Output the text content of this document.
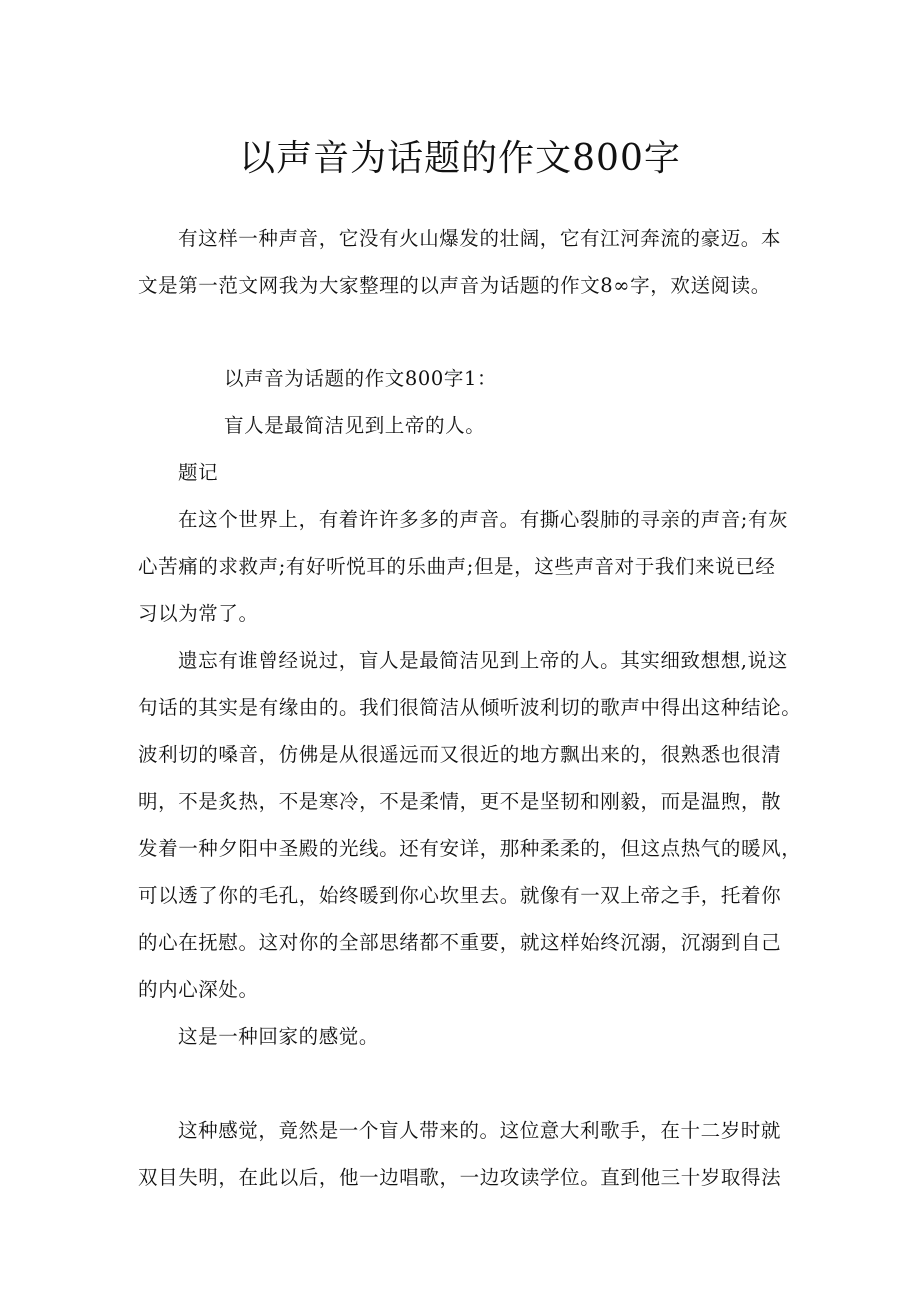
以声音为话题的作文800字
有这样一种声音，它没有火山爆发的壮阔，它有江河奔流的豪迈。本
文是第一范文网我为大家整理的以声音为话题的作文8∞字，欢送阅读。
以声音为话题的作文800字1：
盲人是最简洁见到上帝的人。
题记
在这个世界上，有着许许多多的声音。有撕心裂肺的寻亲的声音;有灰
心苦痛的求救声;有好听悦耳的乐曲声;但是，这些声音对于我们来说已经
习以为常了。
遗忘有谁曾经说过，盲人是最简洁见到上帝的人。其实细致想想,说这
句话的其实是有缘由的。我们很简洁从倾听波利切的歌声中得出这种结论。
波利切的嗓音，仿佛是从很遥远而又很近的地方飘出来的，很熟悉也很清
明，不是炙热，不是寒冷，不是柔情，更不是坚韧和刚毅，而是温煦，散
发着一种夕阳中圣殿的光线。还有安详，那种柔柔的，但这点热气的暖风，
可以透了你的毛孔，始终暖到你心坎里去。就像有一双上帝之手，托着你
的心在抚慰。这对你的全部思绪都不重要，就这样始终沉溺，沉溺到自己
的内心深处。
这是一种回家的感觉。
这种感觉，竟然是一个盲人带来的。这位意大利歌手，在十二岁时就
双目失明，在此以后，他一边唱歌，一边攻读学位。直到他三十岁取得法
